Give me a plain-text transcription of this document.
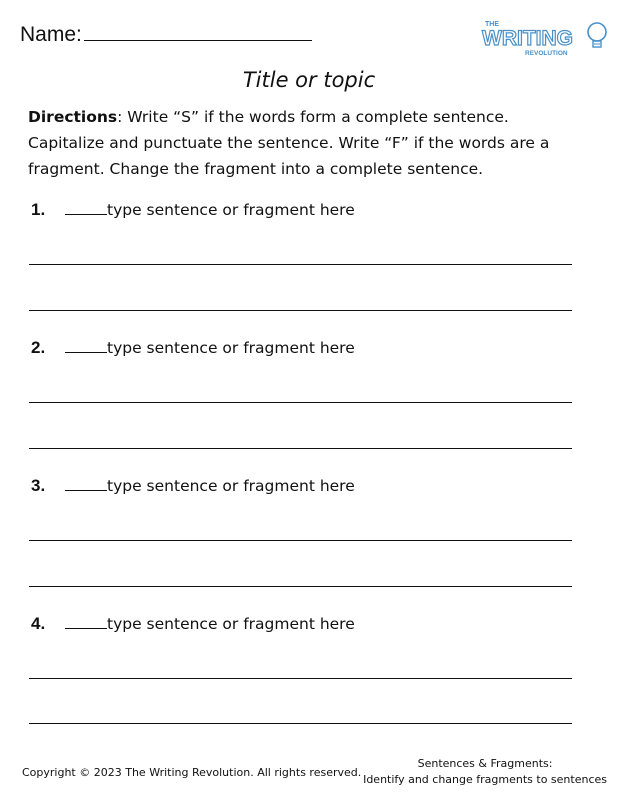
Name:	THE
WRITING
REVOLUTION
Title or topic
Directions: Write “S” if the words form a complete sentence. Capitalize and punctuate the sentence. Write “F” if the words are a fragment. Change the fragment into a complete sentence.
1.	type sentence or fragment here
2.	type sentence or fragment here
3.	type sentence or fragment here
4.	type sentence or fragment here
Copyright © 2023 The Writing Revolution. All rights reserved.
Sentences & Fragments:
Identify and change fragments to sentences
